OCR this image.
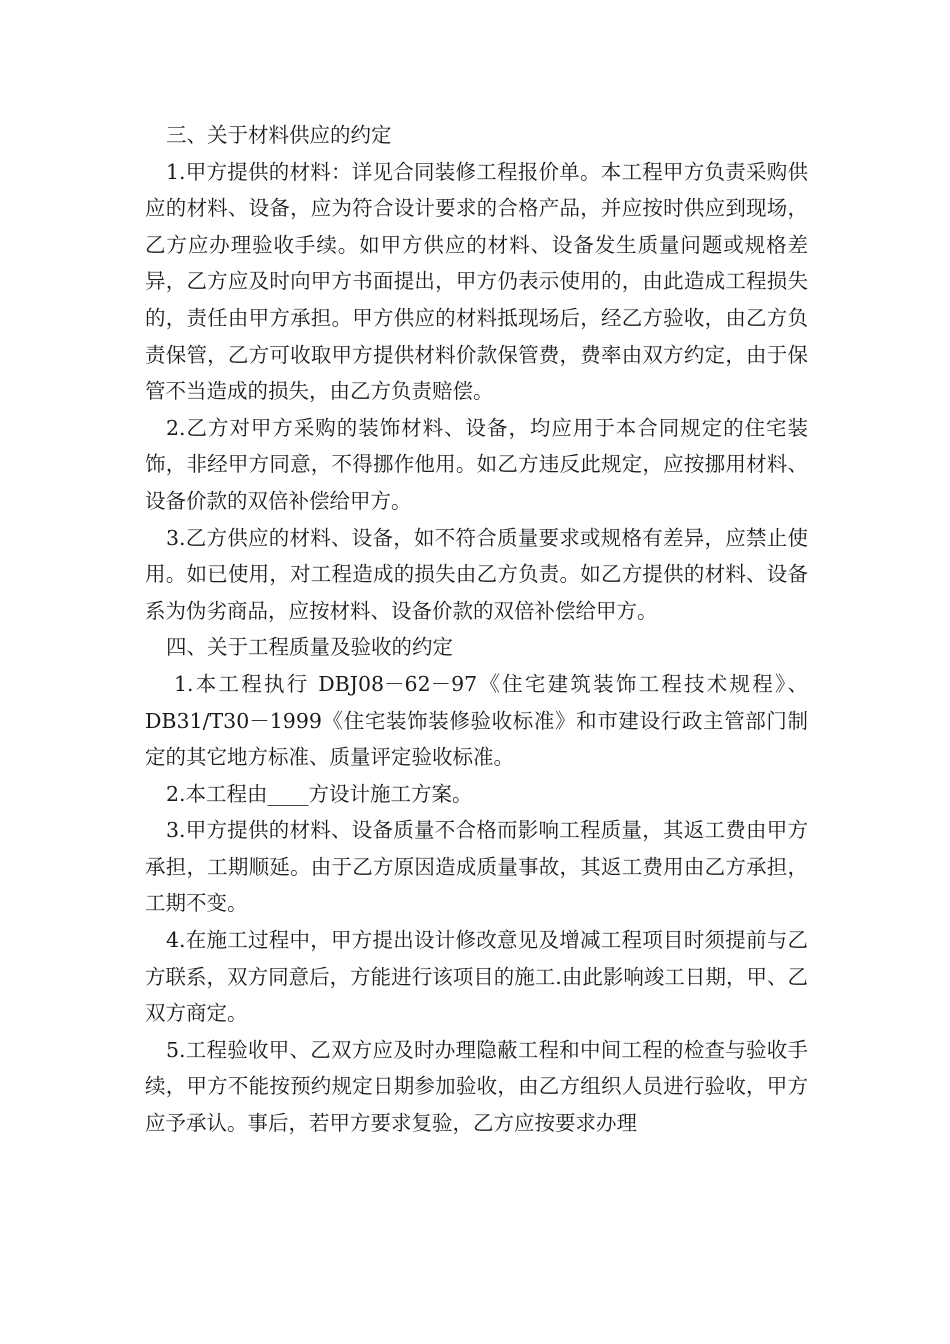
三、关于材料供应的约定

1.甲方提供的材料：详见合同装修工程报价单。本工程甲方负责采购供应的材料、设备，应为符合设计要求的合格产品，并应按时供应到现场，乙方应办理验收手续。如甲方供应的材料、设备发生质量问题或规格差异，乙方应及时向甲方书面提出，甲方仍表示使用的，由此造成工程损失的，责任由甲方承担。甲方供应的材料抵现场后，经乙方验收，由乙方负责保管，乙方可收取甲方提供材料价款保管费，费率由双方约定，由于保管不当造成的损失，由乙方负责赔偿。

2.乙方对甲方采购的装饰材料、设备，均应用于本合同规定的住宅装饰，非经甲方同意，不得挪作他用。如乙方违反此规定，应按挪用材料、设备价款的双倍补偿给甲方。

3.乙方供应的材料、设备，如不符合质量要求或规格有差异，应禁止使用。如已使用，对工程造成的损失由乙方负责。如乙方提供的材料、设备系为伪劣商品，应按材料、设备价款的双倍补偿给甲方。

四、关于工程质量及验收的约定

1.本工程执行 DBJ08－62－97《住宅建筑装饰工程技术规程》、DB31/T30－1999《住宅装饰装修验收标准》和市建设行政主管部门制定的其它地方标准、质量评定验收标准。

2.本工程由____方设计施工方案。

3.甲方提供的材料、设备质量不合格而影响工程质量，其返工费由甲方承担，工期顺延。由于乙方原因造成质量事故，其返工费用由乙方承担，工期不变。

4.在施工过程中，甲方提出设计修改意见及增减工程项目时须提前与乙方联系，双方同意后，方能进行该项目的施工.由此影响竣工日期，甲、乙双方商定。

5.工程验收甲、乙双方应及时办理隐蔽工程和中间工程的检查与验收手续，甲方不能按预约规定日期参加验收，由乙方组织人员进行验收，甲方应予承认。事后，若甲方要求复验，乙方应按要求办理
